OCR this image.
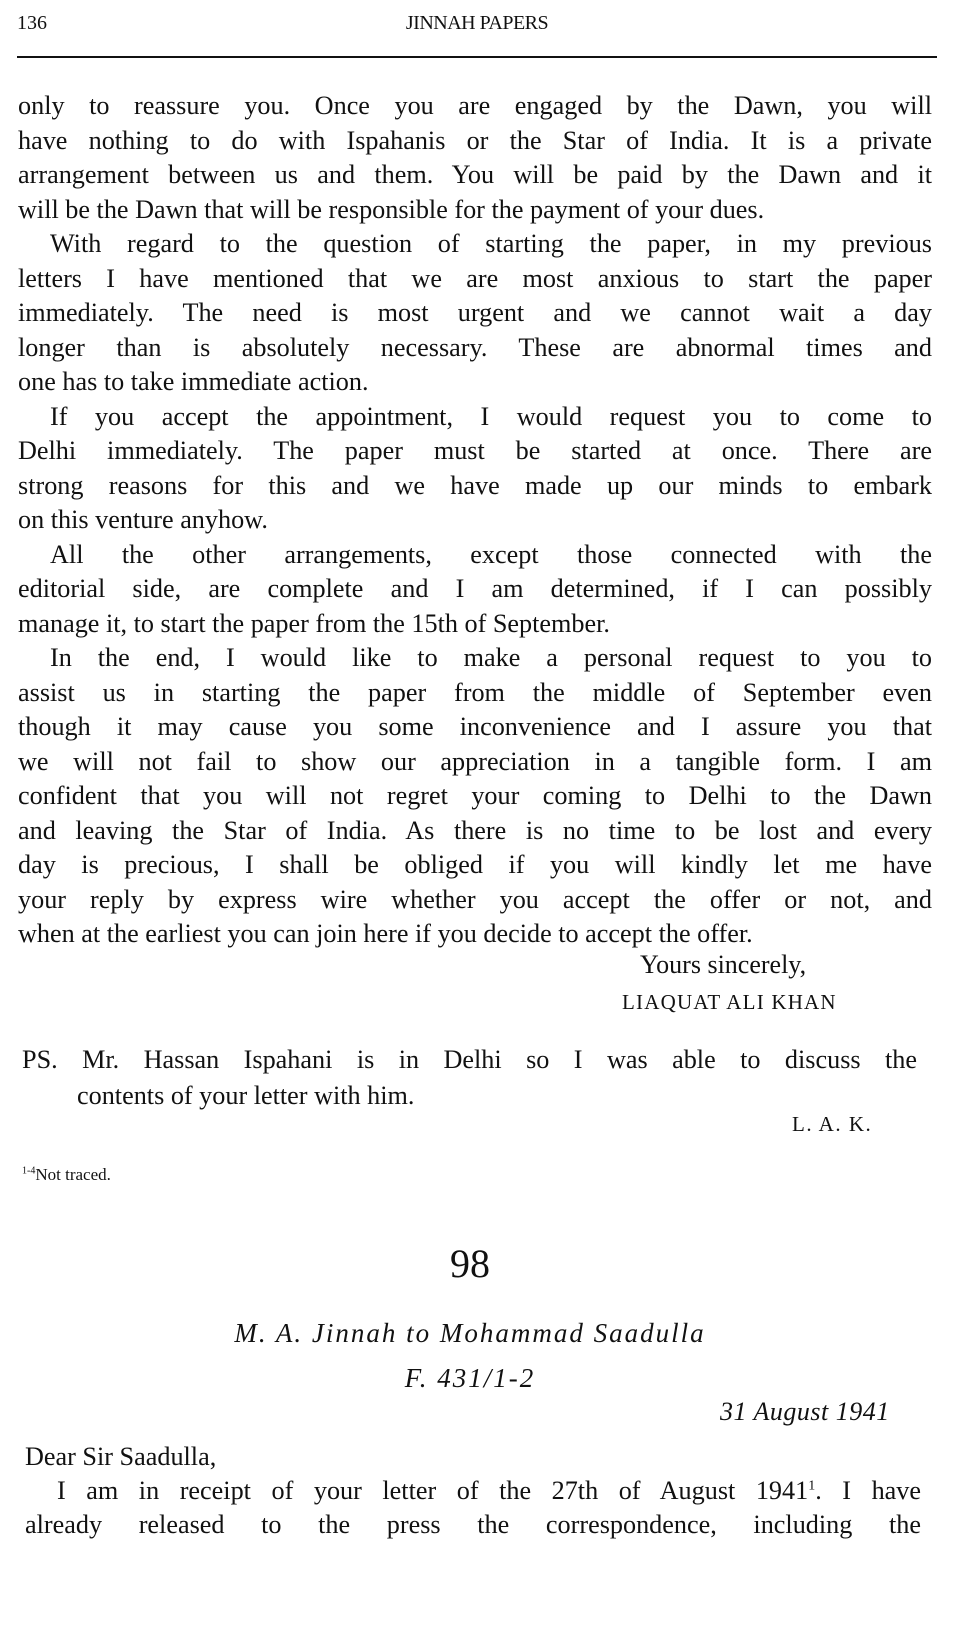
136	JINNAH PAPERS
only to reassure you. Once you are engaged by the Dawn, you will
have nothing to do with Ispahanis or the Star of India. It is a private
arrangement between us and them. You will be paid by the Dawn and it
will be the Dawn that will be responsible for the payment of your dues.
With regard to the question of starting the paper, in my previous
letters I have mentioned that we are most anxious to start the paper
immediately. The need is most urgent and we cannot wait a day
longer than is absolutely necessary. These are abnormal times and
one has to take immediate action.
If you accept the appointment, I would request you to come to
Delhi immediately. The paper must be started at once. There are
strong reasons for this and we have made up our minds to embark
on this venture anyhow.
All the other arrangements, except those connected with the
editorial side, are complete and I am determined, if I can possibly
manage it, to start the paper from the 15th of September.
In the end, I would like to make a personal request to you to
assist us in starting the paper from the middle of September even
though it may cause you some inconvenience and I assure you that
we will not fail to show our appreciation in a tangible form. I am
confident that you will not regret your coming to Delhi to the Dawn
and leaving the Star of India. As there is no time to be lost and every
day is precious, I shall be obliged if you will kindly let me have
your reply by express wire whether you accept the offer or not, and
when at the earliest you can join here if you decide to accept the offer.
Yours sincerely,
LIAQUAT ALI KHAN
PS. Mr. Hassan Ispahani is in Delhi so I was able to discuss the
contents of your letter with him.
L. A. K.
$^{1-4}$Not traced.
98
M. A. Jinnah to Mohammad Saadulla
F. 431/1-2
31 August 1941
Dear Sir Saadulla,
I am in receipt of your letter of the 27th of August 1941$^1$. I have
already released to the press the correspondence, including the
